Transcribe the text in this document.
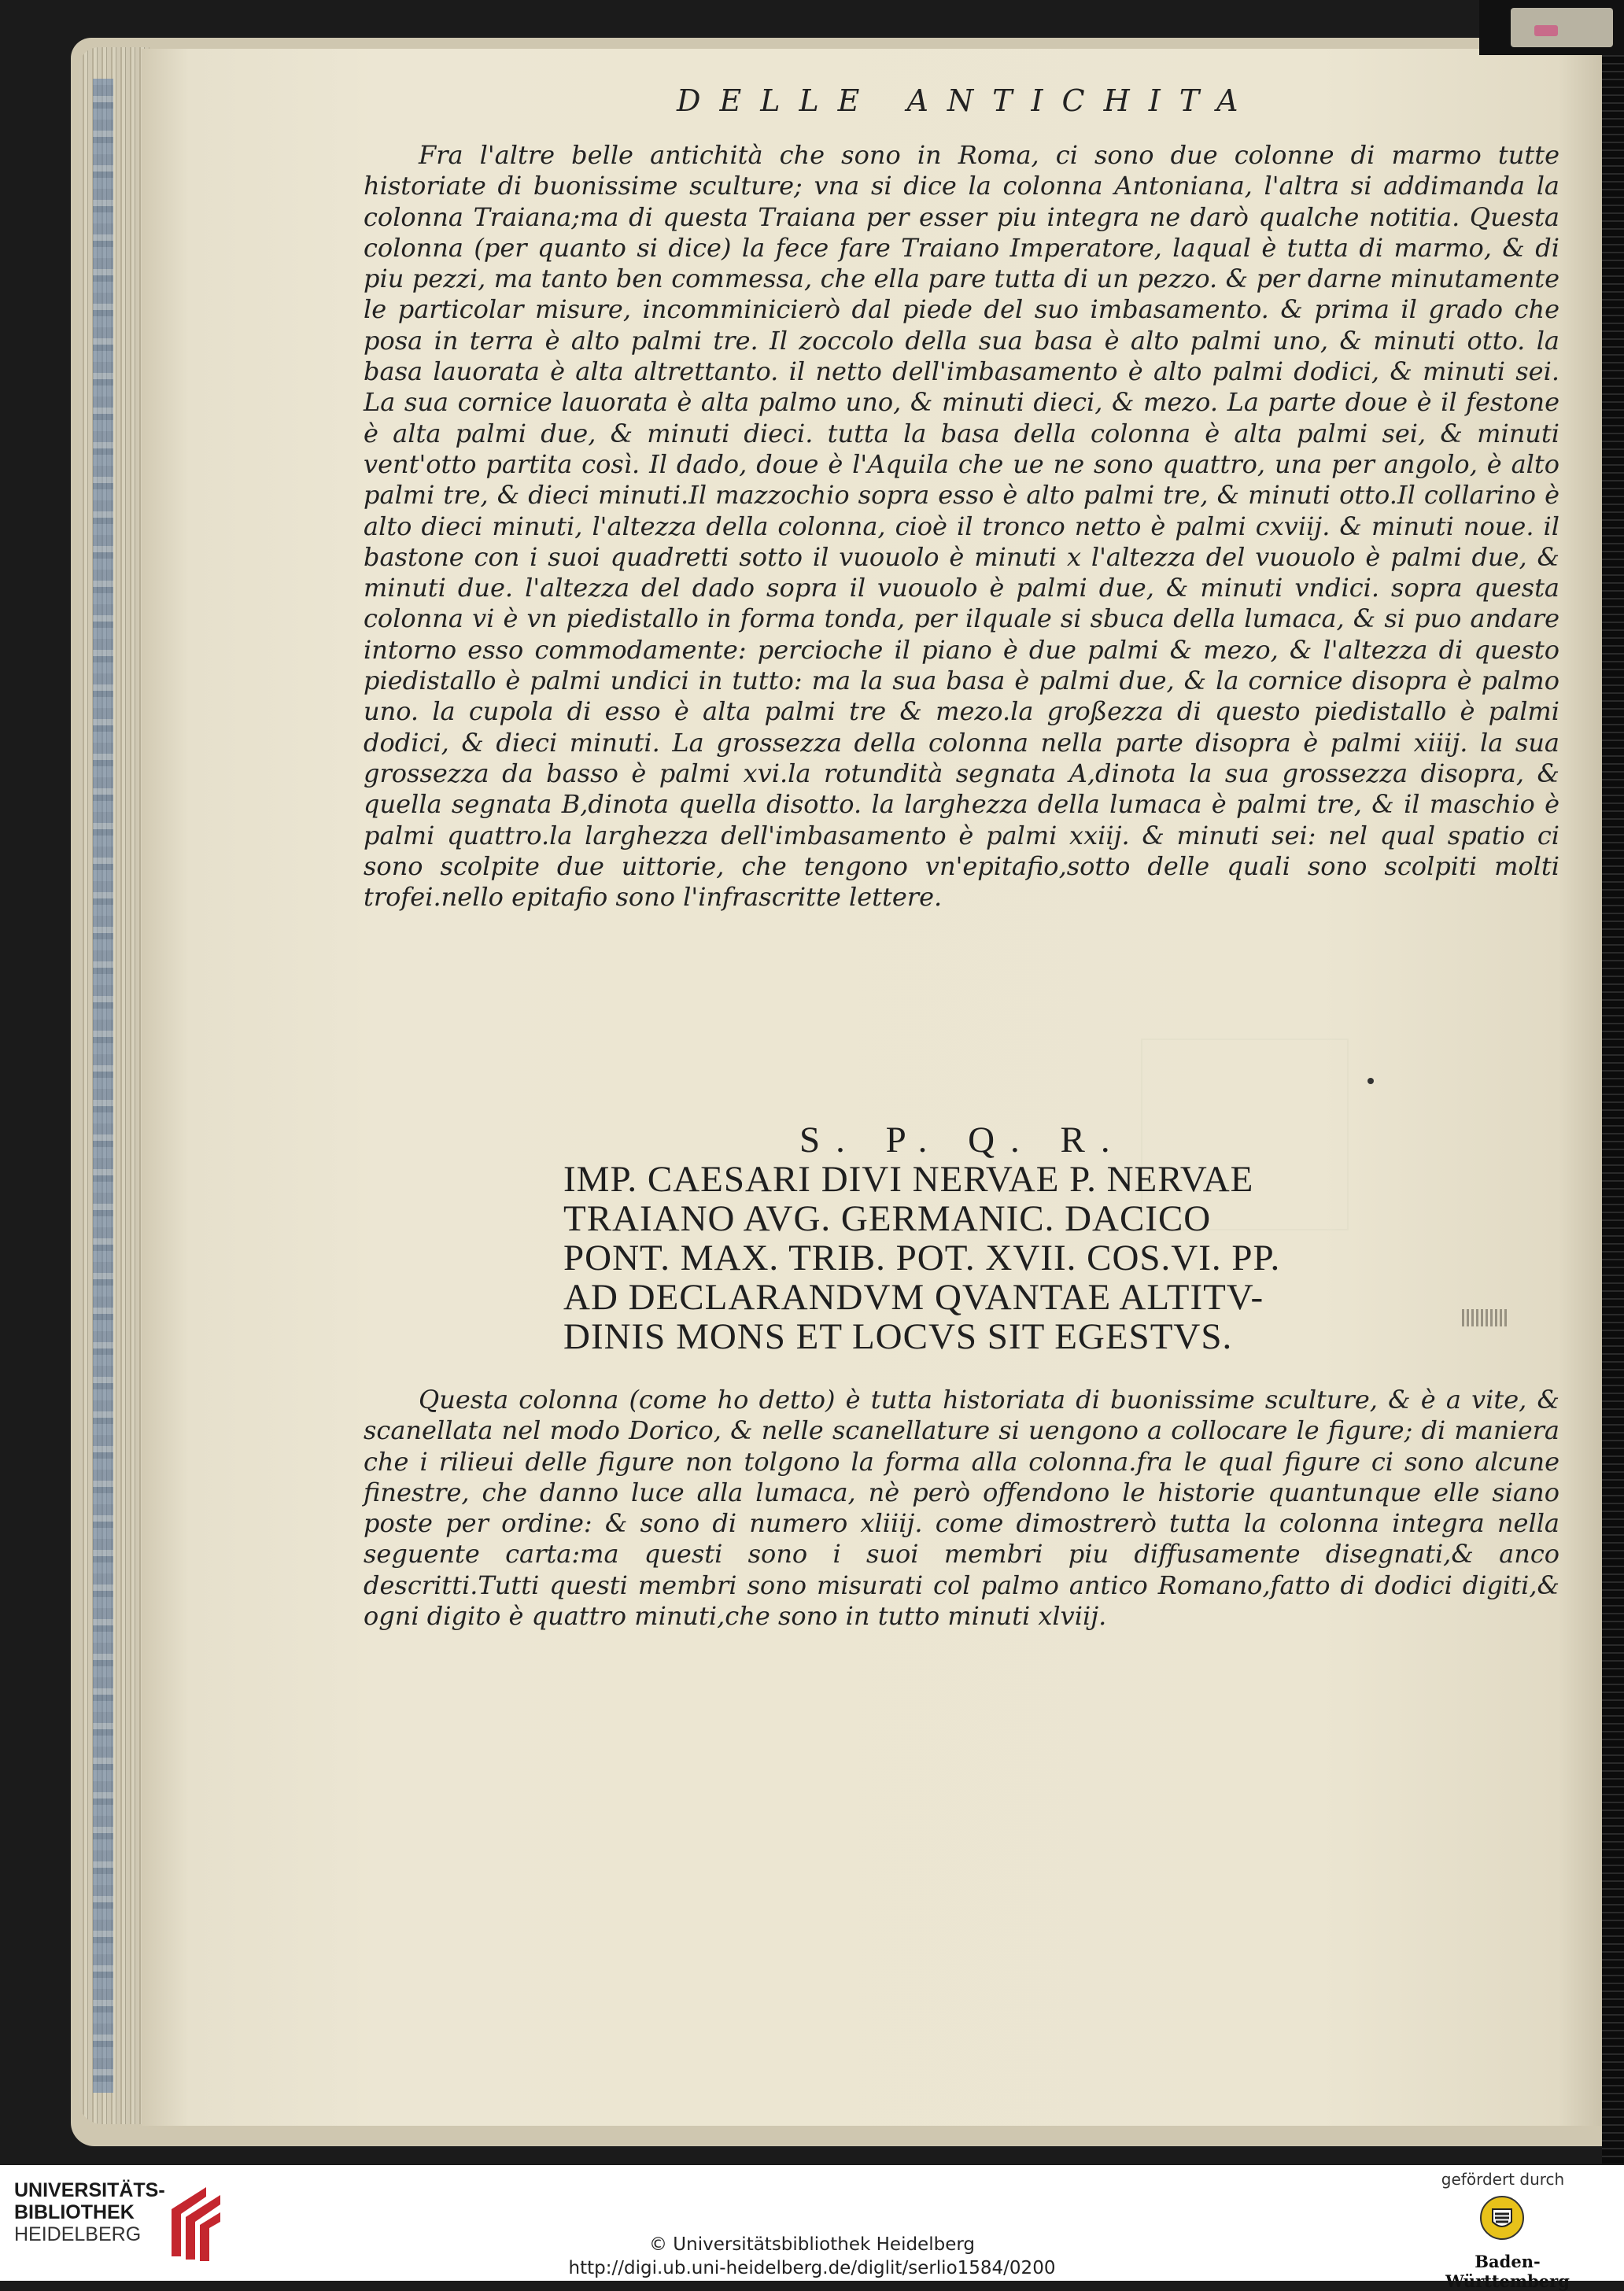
DELLE ANTICHITA

Fra l'altre belle antichità che sono in Roma, ci sono due colonne di marmo tutte historiate di buonissime sculture; vna si dice la colonna Antoniana, l'altra si addimanda la colonna Traiana;ma di questa Traiana per esser piu integra ne darò qualche notitia. Questa colonna (per quanto si dice) la fece fare Traiano Imperatore, laqual è tutta di marmo, & di piu pezzi, ma tanto ben commessa, che ella pare tutta di un pezzo. & per darne minutamente le particolar misure, incomminicierò dal piede del suo imbasamento. & prima il grado che posa in terra è alto palmi tre. Il zoccolo della sua basa è alto palmi uno, & minuti otto. la basa lauorata è alta altrettanto. il netto dell'imbasamento è alto palmi dodici, & minuti sei. La sua cornice lauorata è alta palmo uno, & minuti dieci, & mezo. La parte doue è il festone è alta palmi due, & minuti dieci. tutta la basa della colonna è alta palmi sei, & minuti vent'otto partita così. Il dado, doue è l'Aquila che ue ne sono quattro, una per angolo, è alto palmi tre, & dieci minuti.Il mazzochio sopra esso è alto palmi tre, & minuti otto.Il collarino è alto dieci minuti, l'altezza della colonna, cioè il tronco netto è palmi cxviij. & minuti noue. il bastone con i suoi quadretti sotto il vuouolo è minuti x l'altezza del vuouolo è palmi due, & minuti due. l'altezza del dado sopra il vuouolo è palmi due, & minuti vndici. sopra questa colonna vi è vn piedistallo in forma tonda, per ilquale si sbuca della lumaca, & si puo andare intorno esso commodamente: percioche il piano è due palmi & mezo, & l'altezza di questo piedistallo è palmi undici in tutto: ma la sua basa è palmi due, & la cornice disopra è palmo uno. la cupola di esso è alta palmi tre & mezo.la großezza di questo piedistallo è palmi dodici, & dieci minuti. La grossezza della colonna nella parte disopra è palmi xiiij. la sua grossezza da basso è palmi xvi.la rotundità segnata A,dinota la sua grossezza disopra, & quella segnata B,dinota quella disotto. la larghezza della lumaca è palmi tre, & il maschio è palmi quattro.la larghezza dell'imbasamento è palmi xxiij. & minuti sei: nel qual spatio ci sono scolpite due uittorie, che tengono vn'epitafio,sotto delle quali sono scolpiti molti trofei.nello epitafio sono l'infrascritte lettere.

S. P. Q. R.
IMP. CAESARI DIVI NERVAE P. NERVAE
TRAIANO AVG. GERMANIC. DACICO
PONT. MAX. TRIB. POT. XVII. COS.VI. PP.
AD DECLARANDVM QVANTAE ALTITV-
DINIS MONS ET LOCVS SIT EGESTVS.

Questa colonna (come ho detto) è tutta historiata di buonissime sculture, & è a vite, & scanellata nel modo Dorico, & nelle scanellature si uengono a collocare le figure; di maniera che i rilieui delle figure non tolgono la forma alla colonna.fra le qual figure ci sono alcune finestre, che danno luce alla lumaca, nè però offendono le historie quantunque elle siano poste per ordine: & sono di numero xliiij. come dimostrerò tutta la colonna integra nella seguente carta:ma questi sono i suoi membri piu diffusamente disegnati,& anco descritti.Tutti questi membri sono misurati col palmo antico Romano,fatto di dodici digiti,& ogni digito è quattro minuti,che sono in tutto minuti xlviij.

UNIVERSITÄTS-
BIBLIOTHEK
HEIDELBERG	© Universitätsbibliothek Heidelberg
http://digi.ub.uni-heidelberg.de/diglit/serlio1584/0200
gefördert durch
Baden-Württemberg
